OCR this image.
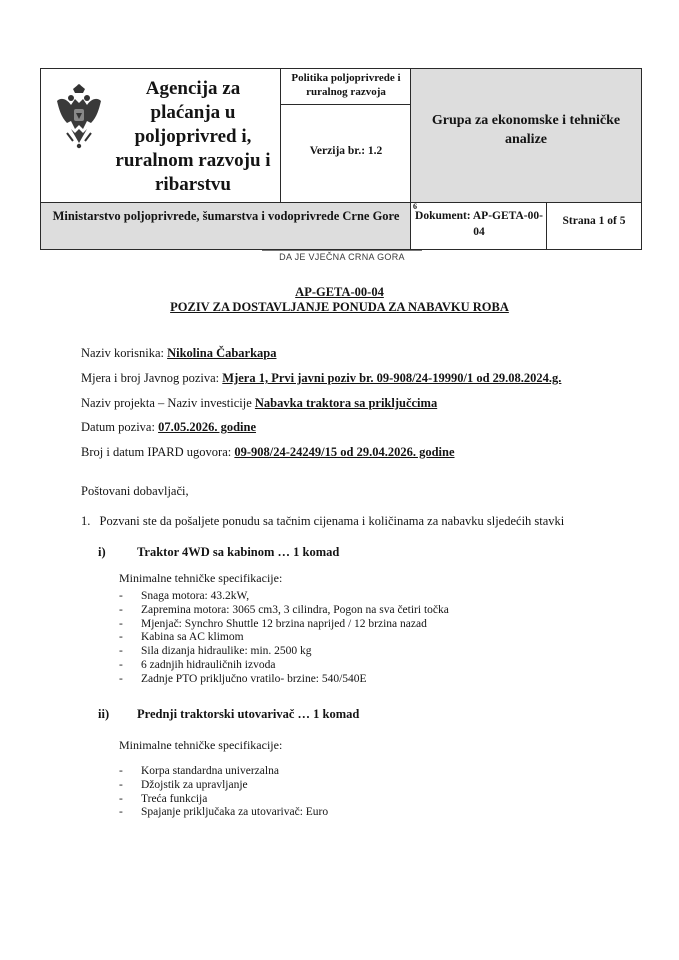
Agencija za plaćanja u poljoprivred i, ruralnom razvoju i ribarstvu
Politika poljoprivrede i ruralnog razvoja
Verzija br.: 1.2
Grupa za ekonomske i tehničke analize
Ministarstvo poljoprivrede, šumarstva i vodoprivrede Crne Gore
6
Dokument: AP-GETA-00-04
Strana 1 of 5
DA JE VJEČNA CRNA GORA
AP-GETA-00-04
POZIV ZA DOSTAVLJANJE PONUDA ZA NABAVKU ROBA
Naziv korisnika: Nikolina Čabarkapa
Mjera i broj Javnog poziva: Mjera 1, Prvi javni poziv br. 09-908/24-19990/1 od 29.08.2024.g.
Naziv projekta – Naziv investicije Nabavka traktora sa priključcima
Datum poziva: 07.05.2026. godine
Broj i datum IPARD ugovora: 09-908/24-24249/15 od 29.04.2026. godine
Poštovani dobavljači,
1. Pozvani ste da pošaljete ponudu sa tačnim cijenama i količinama za nabavku sljedećih stavki
i)	Traktor 4WD sa kabinom … 1 komad
Minimalne tehničke specifikacije:
- Snaga motora: 43.2kW,
- Zapremina motora: 3065 cm3, 3 cilindra, Pogon na sva četiri točka
- Mjenjač: Synchro Shuttle 12 brzina naprijed / 12 brzina nazad
- Kabina sa AC klimom
- Sila dizanja hidraulike: min. 2500 kg
- 6 zadnjih hidrauličnih izvoda
- Zadnje PTO priključno vratilo- brzine: 540/540E
ii) Prednji traktorski utovarivač … 1 komad
Minimalne tehničke specifikacije:
- Korpa standardna univerzalna
- Džojstik za upravljanje
- Treća funkcija
- Spajanje priključaka za utovarivač: Euro
